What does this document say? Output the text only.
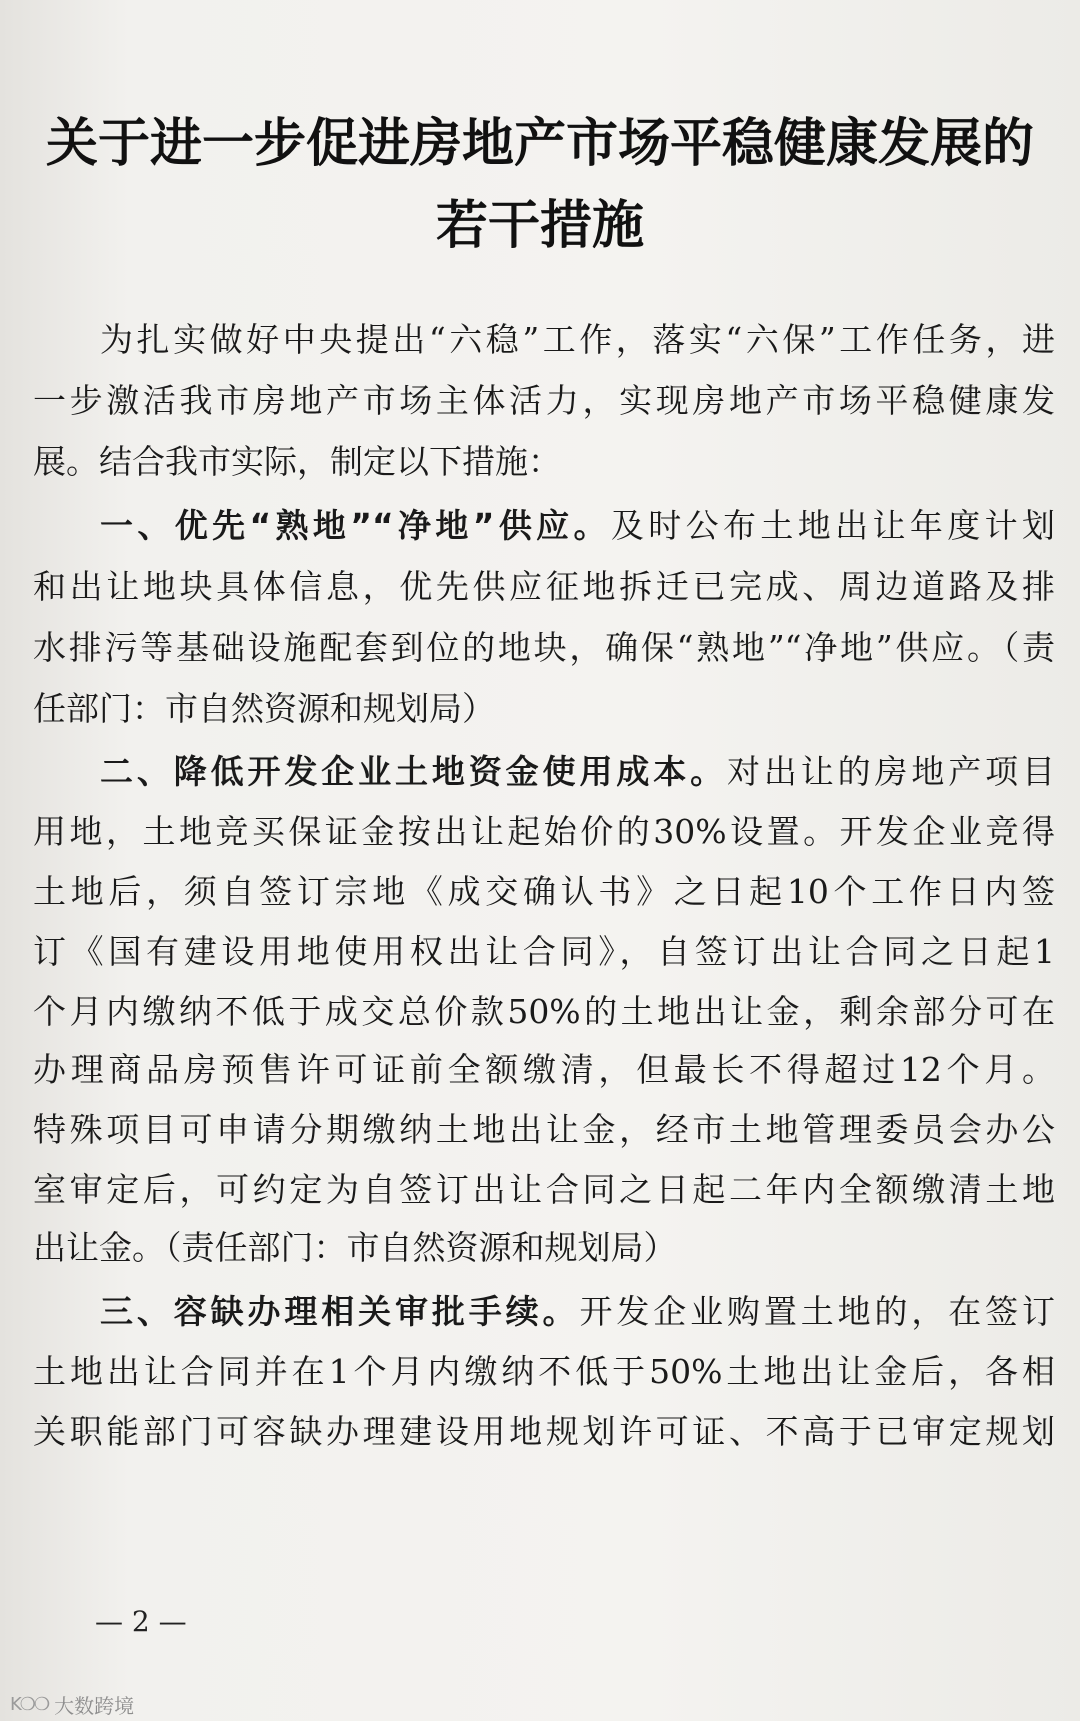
关于进一步促进房地产市场平稳健康发展的
若干措施
为扎实做好中央提出“六稳”工作，落实“六保”工作任务，进
一步激活我市房地产市场主体活力，实现房地产市场平稳健康发
展。结合我市实际，制定以下措施：
一、优先“熟地”“净地”供应。及时公布土地出让年度计划
和出让地块具体信息，优先供应征地拆迁已完成、周边道路及排
水排污等基础设施配套到位的地块，确保“熟地”“净地”供应。（责
任部门：市自然资源和规划局）
二、降低开发企业土地资金使用成本。对出让的房地产项目
用地，土地竞买保证金按出让起始价的30%设置。开发企业竞得
土地后，须自签订宗地《成交确认书》之日起10个工作日内签
订《国有建设用地使用权出让合同》，自签订出让合同之日起1
个月内缴纳不低于成交总价款50%的土地出让金，剩余部分可在
办理商品房预售许可证前全额缴清，但最长不得超过12个月。
特殊项目可申请分期缴纳土地出让金，经市土地管理委员会办公
室审定后，可约定为自签订出让合同之日起二年内全额缴清土地
出让金。（责任部门：市自然资源和规划局）
三、容缺办理相关审批手续。开发企业购置土地的，在签订
土地出让合同并在1个月内缴纳不低于50%土地出让金后，各相
关职能部门可容缺办理建设用地规划许可证、不高于已审定规划
— 2 —
K❍❍ 大数跨境
